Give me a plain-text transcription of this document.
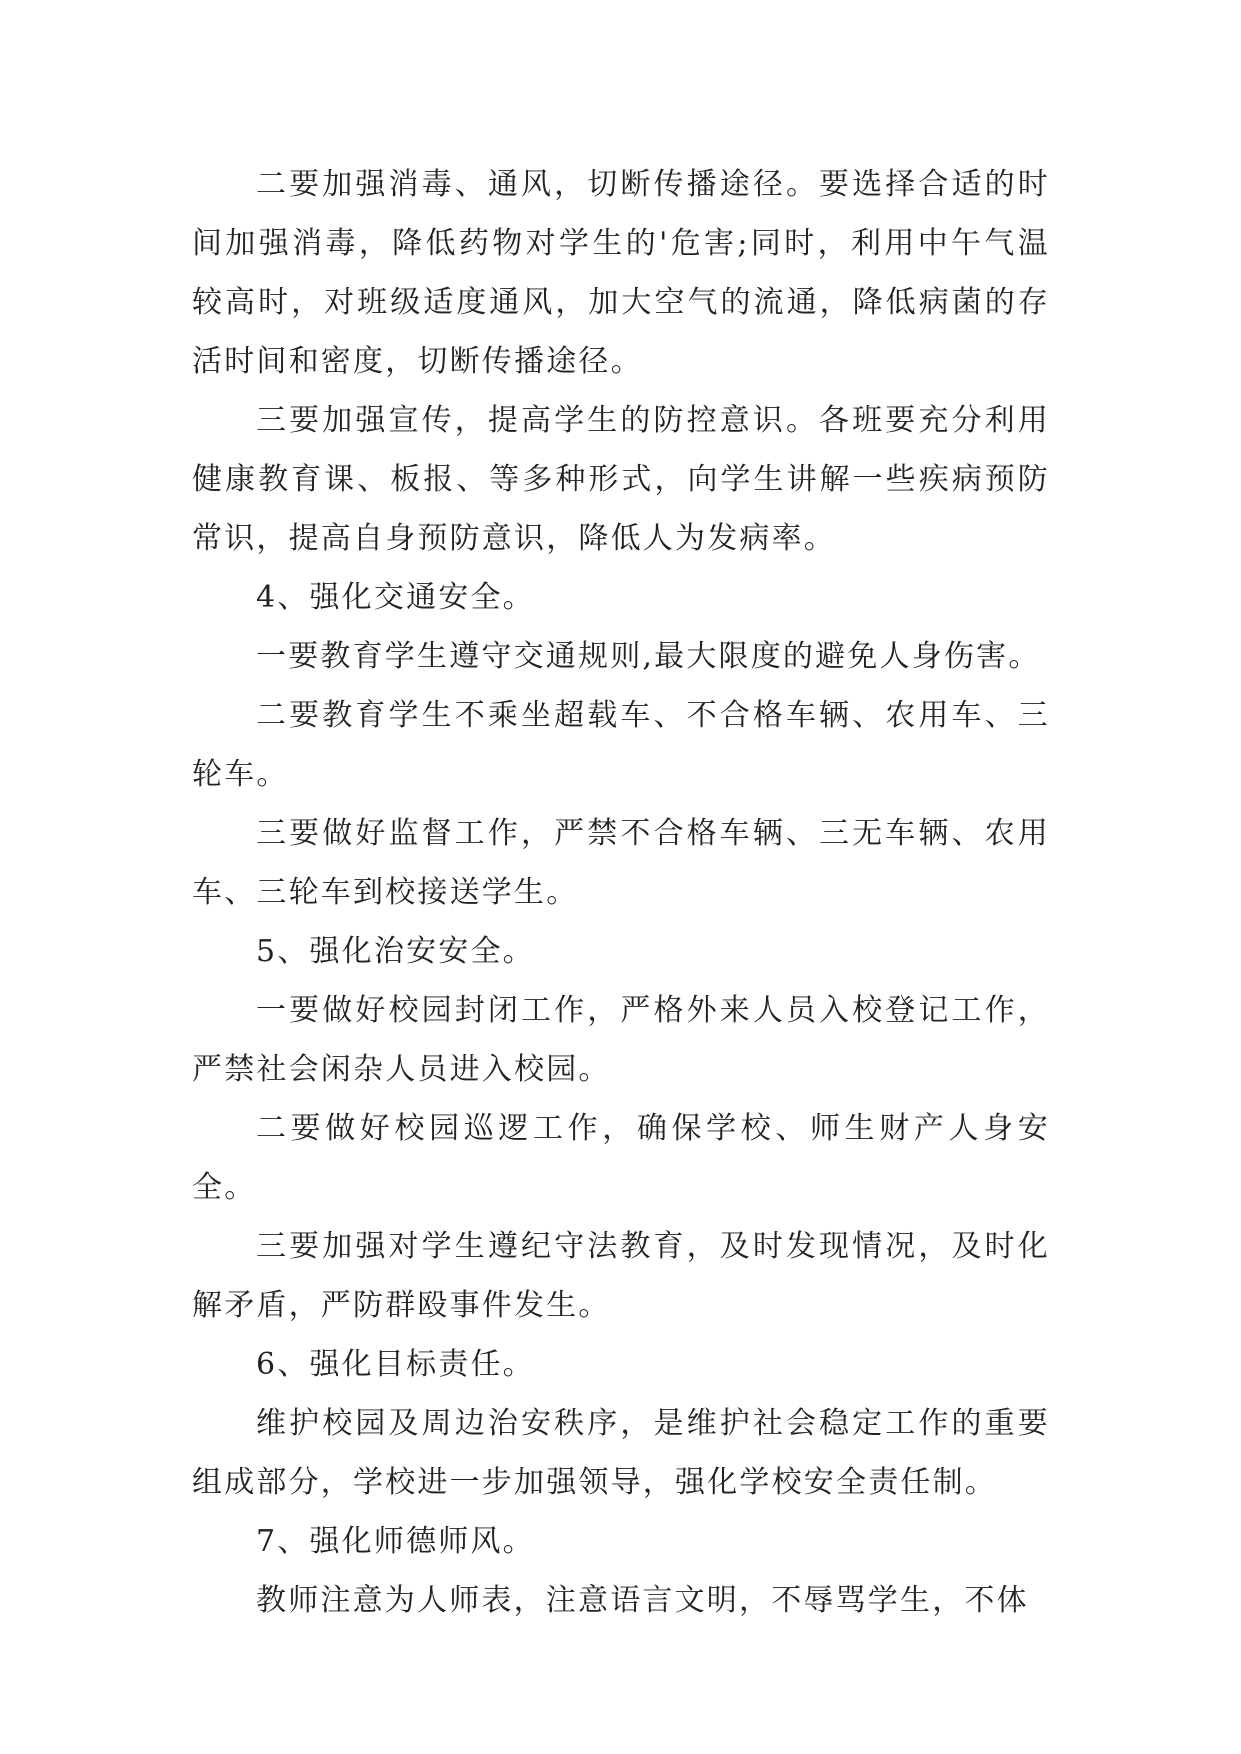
二要加强消毒、通风，切断传播途径。要选择合适的时间加强消毒，降低药物对学生的'危害;同时，利用中午气温较高时，对班级适度通风，加大空气的流通，降低病菌的存活时间和密度，切断传播途径。

三要加强宣传，提高学生的防控意识。各班要充分利用健康教育课、板报、等多种形式，向学生讲解一些疾病预防常识，提高自身预防意识，降低人为发病率。

4、强化交通安全。

一要教育学生遵守交通规则,最大限度的避免人身伤害。

二要教育学生不乘坐超载车、不合格车辆、农用车、三轮车。

三要做好监督工作，严禁不合格车辆、三无车辆、农用车、三轮车到校接送学生。

5、强化治安安全。

一要做好校园封闭工作，严格外来人员入校登记工作，严禁社会闲杂人员进入校园。

二要做好校园巡逻工作，确保学校、师生财产人身安全。

三要加强对学生遵纪守法教育，及时发现情况，及时化解矛盾，严防群殴事件发生。

6、强化目标责任。

维护校园及周边治安秩序，是维护社会稳定工作的重要组成部分，学校进一步加强领导，强化学校安全责任制。

7、强化师德师风。

教师注意为人师表，注意语言文明，不辱骂学生，不体
